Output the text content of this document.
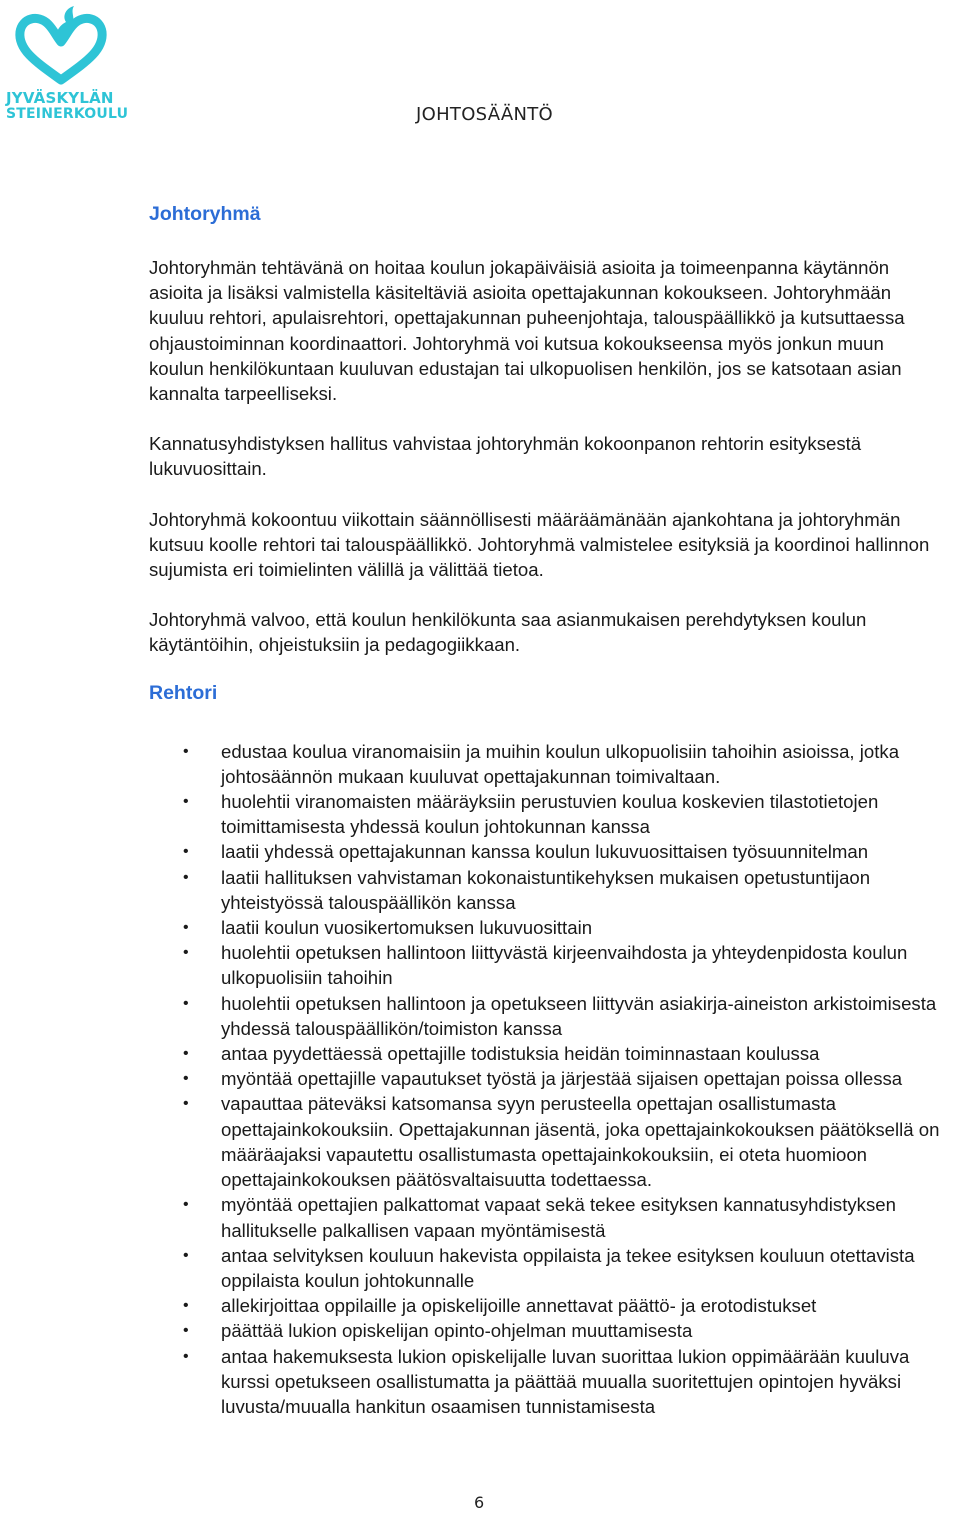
JYVÄSKYLÄN
STEINERKOULU	JOHTOSÄÄNTÖ
Johtoryhmä

Johtoryhmän tehtävänä on hoitaa koulun jokapäiväisiä asioita ja toimeenpanna käytännön asioita ja lisäksi valmistella käsiteltäviä asioita opettajakunnan kokoukseen. Johtoryhmään kuuluu rehtori, apulaisrehtori, opettajakunnan puheenjohtaja, talouspäällikkö ja kutsuttaessa ohjaustoiminnan koordinaattori. Johtoryhmä voi kutsua kokoukseensa myös jonkun muun koulun henkilökuntaan kuuluvan edustajan tai ulkopuolisen henkilön, jos se katsotaan asian kannalta tarpeelliseksi.

Kannatusyhdistyksen hallitus vahvistaa johtoryhmän kokoonpanon rehtorin esityksestä lukuvuosittain.

Johtoryhmä kokoontuu viikottain säännöllisesti määräämänään ajankohtana ja johtoryhmän kutsuu koolle rehtori tai talouspäällikkö. Johtoryhmä valmistelee esityksiä ja koordinoi hallinnon sujumista eri toimielinten välillä ja välittää tietoa.

Johtoryhmä valvoo, että koulun henkilökunta saa asianmukaisen perehdytyksen koulun käytäntöihin, ohjeistuksiin ja pedagogiikkaan.

Rehtori
• edustaa koulua viranomaisiin ja muihin koulun ulkopuolisiin tahoihin asioissa, jotka johtosäännön mukaan kuuluvat opettajakunnan toimivaltaan.
• huolehtii viranomaisten määräyksiin perustuvien koulua koskevien tilastotietojen toimittamisesta yhdessä koulun johtokunnan kanssa
• laatii yhdessä opettajakunnan kanssa koulun lukuvuosittaisen työsuunnitelman
• laatii hallituksen vahvistaman kokonaistuntikehyksen mukaisen opetustuntijaon yhteistyössä talouspäällikön kanssa
• laatii koulun vuosikertomuksen lukuvuosittain
• huolehtii opetuksen hallintoon liittyvästä kirjeenvaihdosta ja yhteydenpidosta koulun ulkopuolisiin tahoihin
• huolehtii opetuksen hallintoon ja opetukseen liittyvän asiakirja-aineiston arkistoimisesta yhdessä talouspäällikön/toimiston kanssa
• antaa pyydettäessä opettajille todistuksia heidän toiminnastaan koulussa
• myöntää opettajille vapautukset työstä ja järjestää sijaisen opettajan poissa ollessa
• vapauttaa päteväksi katsomansa syyn perusteella opettajan osallistumasta opettajainkokouksiin. Opettajakunnan jäsentä, joka opettajainkokouksen päätöksellä on määräajaksi vapautettu osallistumasta opettajainkokouksiin, ei oteta huomioon opettajainkokouksen päätösvaltaisuutta todettaessa.
• myöntää opettajien palkattomat vapaat sekä tekee esityksen kannatusyhdistyksen hallitukselle palkallisen vapaan myöntämisestä
• antaa selvityksen kouluun hakevista oppilaista ja tekee esityksen kouluun otettavista oppilaista koulun johtokunnalle
• allekirjoittaa oppilaille ja opiskelijoille annettavat päättö- ja erotodistukset
• päättää lukion opiskelijan opinto-ohjelman muuttamisesta
• antaa hakemuksesta lukion opiskelijalle luvan suorittaa lukion oppimäärään kuuluva kurssi opetukseen osallistumatta ja päättää muualla suoritettujen opintojen hyväksi luvusta/muualla hankitun osaamisen tunnistamisesta
6
